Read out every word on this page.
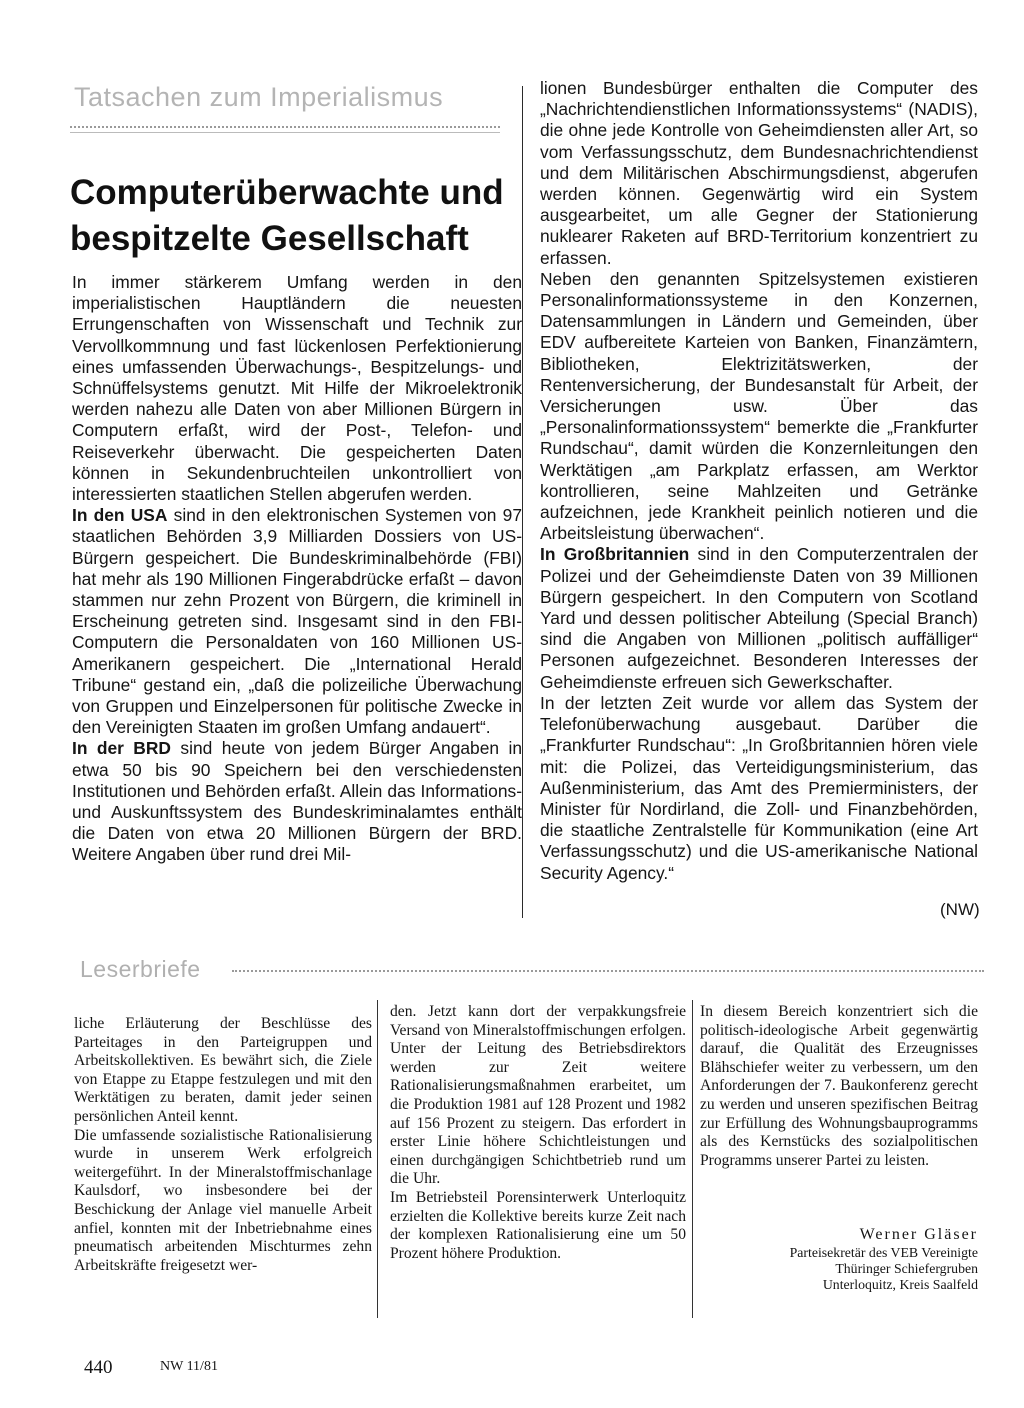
Tatsachen zum Imperialismus
Computerüberwachte und bespitzelte Gesellschaft

In immer stärkerem Umfang werden in den imperialistischen Hauptländern die neuesten Errungenschaften von Wissenschaft und Technik zur Vervollkommnung und fast lückenlosen Perfektionierung eines umfassenden Überwachungs-, Bespitzelungs- und Schnüffelsystems genutzt. Mit Hilfe der Mikroelektronik werden nahezu alle Daten von aber Millionen Bürgern in Computern erfaßt, wird der Post-, Telefon- und Reiseverkehr überwacht. Die gespeicherten Daten können in Sekundenbruchteilen unkontrolliert von interessierten staatlichen Stellen abgerufen werden.

In den USA sind in den elektronischen Systemen von 97 staatlichen Behörden 3,9 Milliarden Dossiers von US-Bürgern gespeichert. Die Bundeskriminalbehörde (FBI) hat mehr als 190 Millionen Fingerabdrücke erfaßt – davon stammen nur zehn Prozent von Bürgern, die kriminell in Erscheinung getreten sind. Insgesamt sind in den FBI-Computern die Personaldaten von 160 Millionen US-Amerikanern gespeichert. Die „International Herald Tribune“ gestand ein, „daß die polizeiliche Überwachung von Gruppen und Einzelpersonen für politische Zwecke in den Vereinigten Staaten im großen Umfang andauert“.

In der BRD sind heute von jedem Bürger Angaben in etwa 50 bis 90 Speichern bei den verschiedensten Institutionen und Behörden erfaßt. Allein das Informations- und Auskunftssystem des Bundeskriminalamtes enthält die Daten von etwa 20 Millionen Bürgern der BRD. Weitere Angaben über rund drei Mil-

lionen Bundesbürger enthalten die Computer des „Nachrichtendienstlichen Informationssystems“ (NADIS), die ohne jede Kontrolle von Geheimdiensten aller Art, so vom Verfassungsschutz, dem Bundesnachrichtendienst und dem Militärischen Abschirmungsdienst, abgerufen werden können. Gegenwärtig wird ein System ausgearbeitet, um alle Gegner der Stationierung nuklearer Raketen auf BRD-Territorium konzentriert zu erfassen.

Neben den genannten Spitzelsystemen existieren Personalinformationssysteme in den Konzernen, Datensammlungen in Ländern und Gemeinden, über EDV aufbereitete Karteien von Banken, Finanzämtern, Bibliotheken, Elektrizitätswerken, der Rentenversicherung, der Bundesanstalt für Arbeit, der Versicherungen usw. Über das „Personalinformationssystem“ bemerkte die „Frankfurter Rundschau“, damit würden die Konzernleitungen den Werktätigen „am Parkplatz erfassen, am Werktor kontrollieren, seine Mahlzeiten und Getränke aufzeichnen, jede Krankheit peinlich notieren und die Arbeitsleistung überwachen“.

In Großbritannien sind in den Computerzentralen der Polizei und der Geheimdienste Daten von 39 Millionen Bürgern gespeichert. In den Computern von Scotland Yard und dessen politischer Abteilung (Special Branch) sind die Angaben von Millionen „politisch auffälliger“ Personen aufgezeichnet. Besonderen Interesses der Geheimdienste erfreuen sich Gewerkschafter.

In der letzten Zeit wurde vor allem das System der Telefonüberwachung ausgebaut. Darüber die „Frankfurter Rundschau“: „In Großbritannien hören viele mit: die Polizei, das Verteidigungsministerium, das Außenministerium, das Amt des Premierministers, der Minister für Nordirland, die Zoll- und Finanzbehörden, die staatliche Zentralstelle für Kommunikation (eine Art Verfassungsschutz) und die US-amerikanische National Security Agency.“

(NW)
Leserbriefe

liche Erläuterung der Beschlüsse des Parteitages in den Parteigruppen und Arbeitskollektiven. Es bewährt sich, die Ziele von Etappe zu Etappe festzulegen und mit den Werktätigen zu beraten, damit jeder seinen persönlichen Anteil kennt.

Die umfassende sozialistische Rationalisierung wurde in unserem Werk erfolgreich weitergeführt. In der Mineralstoffmischanlage Kaulsdorf, wo insbesondere bei der Beschickung der Anlage viel manuelle Arbeit anfiel, konnten mit der Inbetriebnahme eines pneumatisch arbeitenden Mischturmes zehn Arbeitskräfte freigesetzt wer-

den. Jetzt kann dort der verpakkungsfreie Versand von Mineralstoffmischungen erfolgen. Unter der Leitung des Betriebsdirektors werden zur Zeit weitere Rationalisierungsmaßnahmen erarbeitet, um die Produktion 1981 auf 128 Prozent und 1982 auf 156 Prozent zu steigern. Das erfordert in erster Linie höhere Schichtleistungen und einen durchgängigen Schichtbetrieb rund um die Uhr.

Im Betriebsteil Porensinterwerk Unterloquitz erzielten die Kollektive bereits kurze Zeit nach der komplexen Rationalisierung eine um 50 Prozent höhere Produktion.

In diesem Bereich konzentriert sich die politisch-ideologische Arbeit gegenwärtig darauf, die Qualität des Erzeugnisses Blähschiefer weiter zu verbessern, um den Anforderungen der 7. Baukonferenz gerecht zu werden und unseren spezifischen Beitrag zur Erfüllung des Wohnungsbauprogramms als des Kernstücks des sozialpolitischen Programms unserer Partei zu leisten.

Werner Gläser
Parteisekretär des VEB Vereinigte
Thüringer Schiefergruben
Unterloquitz, Kreis Saalfeld
440	NW 11/81
